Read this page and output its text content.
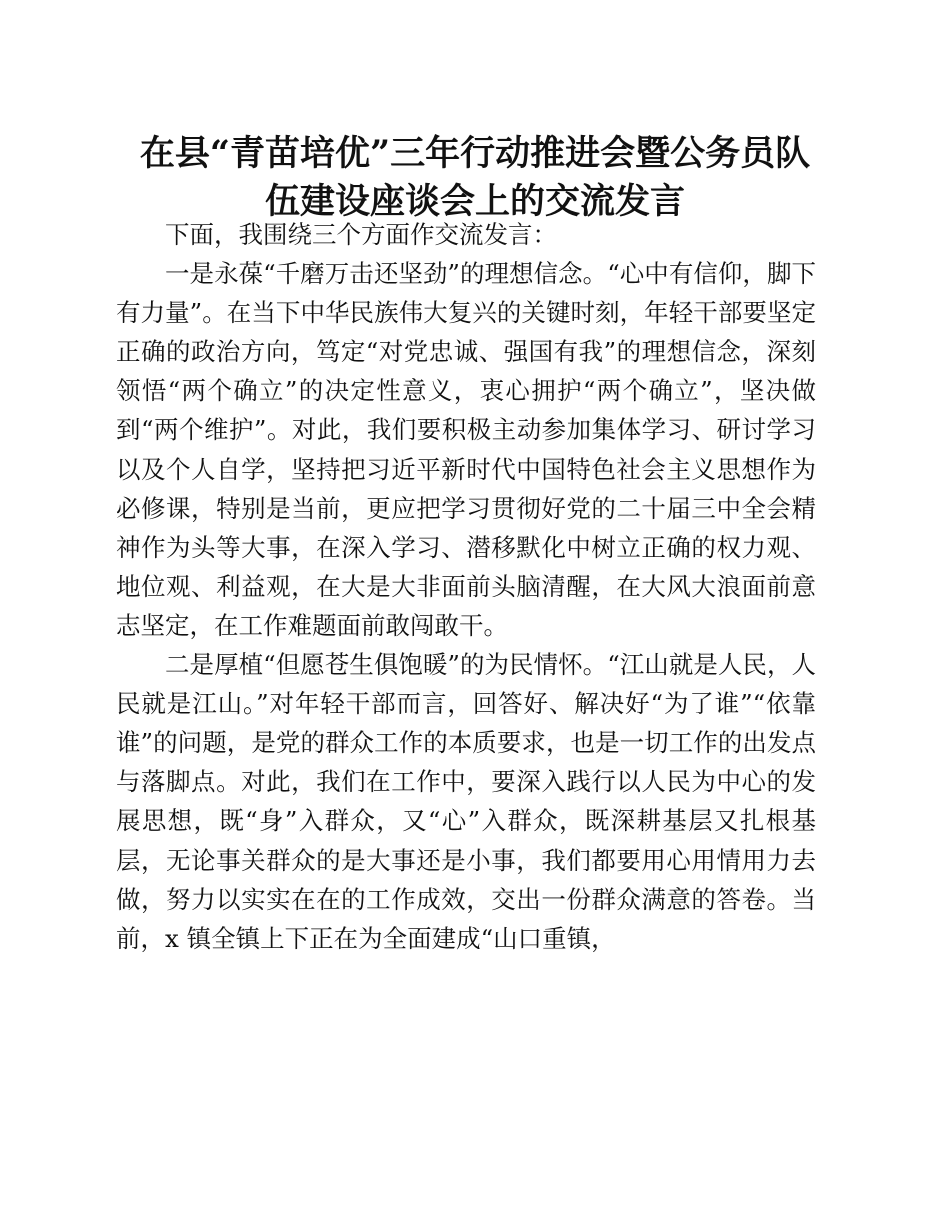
在县“青苗培优”三年行动推进会暨公务员队
伍建设座谈会上的交流发言

下面，我围绕三个方面作交流发言：

一是永葆“千磨万击还坚劲”的理想信念。“心中有信仰，脚下有力量”。在当下中华民族伟大复兴的关键时刻，年轻干部要坚定正确的政治方向，笃定“对党忠诚、强国有我”的理想信念，深刻领悟“两个确立”的决定性意义，衷心拥护“两个确立”，坚决做到“两个维护”。对此，我们要积极主动参加集体学习、研讨学习以及个人自学，坚持把习近平新时代中国特色社会主义思想作为必修课，特别是当前，更应把学习贯彻好党的二十届三中全会精神作为头等大事，在深入学习、潜移默化中树立正确的权力观、地位观、利益观，在大是大非面前头脑清醒，在大风大浪面前意志坚定，在工作难题面前敢闯敢干。

二是厚植“但愿苍生俱饱暖”的为民情怀。“江山就是人民，人民就是江山。”对年轻干部而言，回答好、解决好“为了谁”“依靠谁”的问题，是党的群众工作的本质要求，也是一切工作的出发点与落脚点。对此，我们在工作中，要深入践行以人民为中心的发展思想，既“身”入群众，又“心”入群众，既深耕基层又扎根基层，无论事关群众的是大事还是小事，我们都要用心用情用力去做，努力以实实在在的工作成效，交出一份群众满意的答卷。当前，x 镇全镇上下正在为全面建成“山口重镇，
